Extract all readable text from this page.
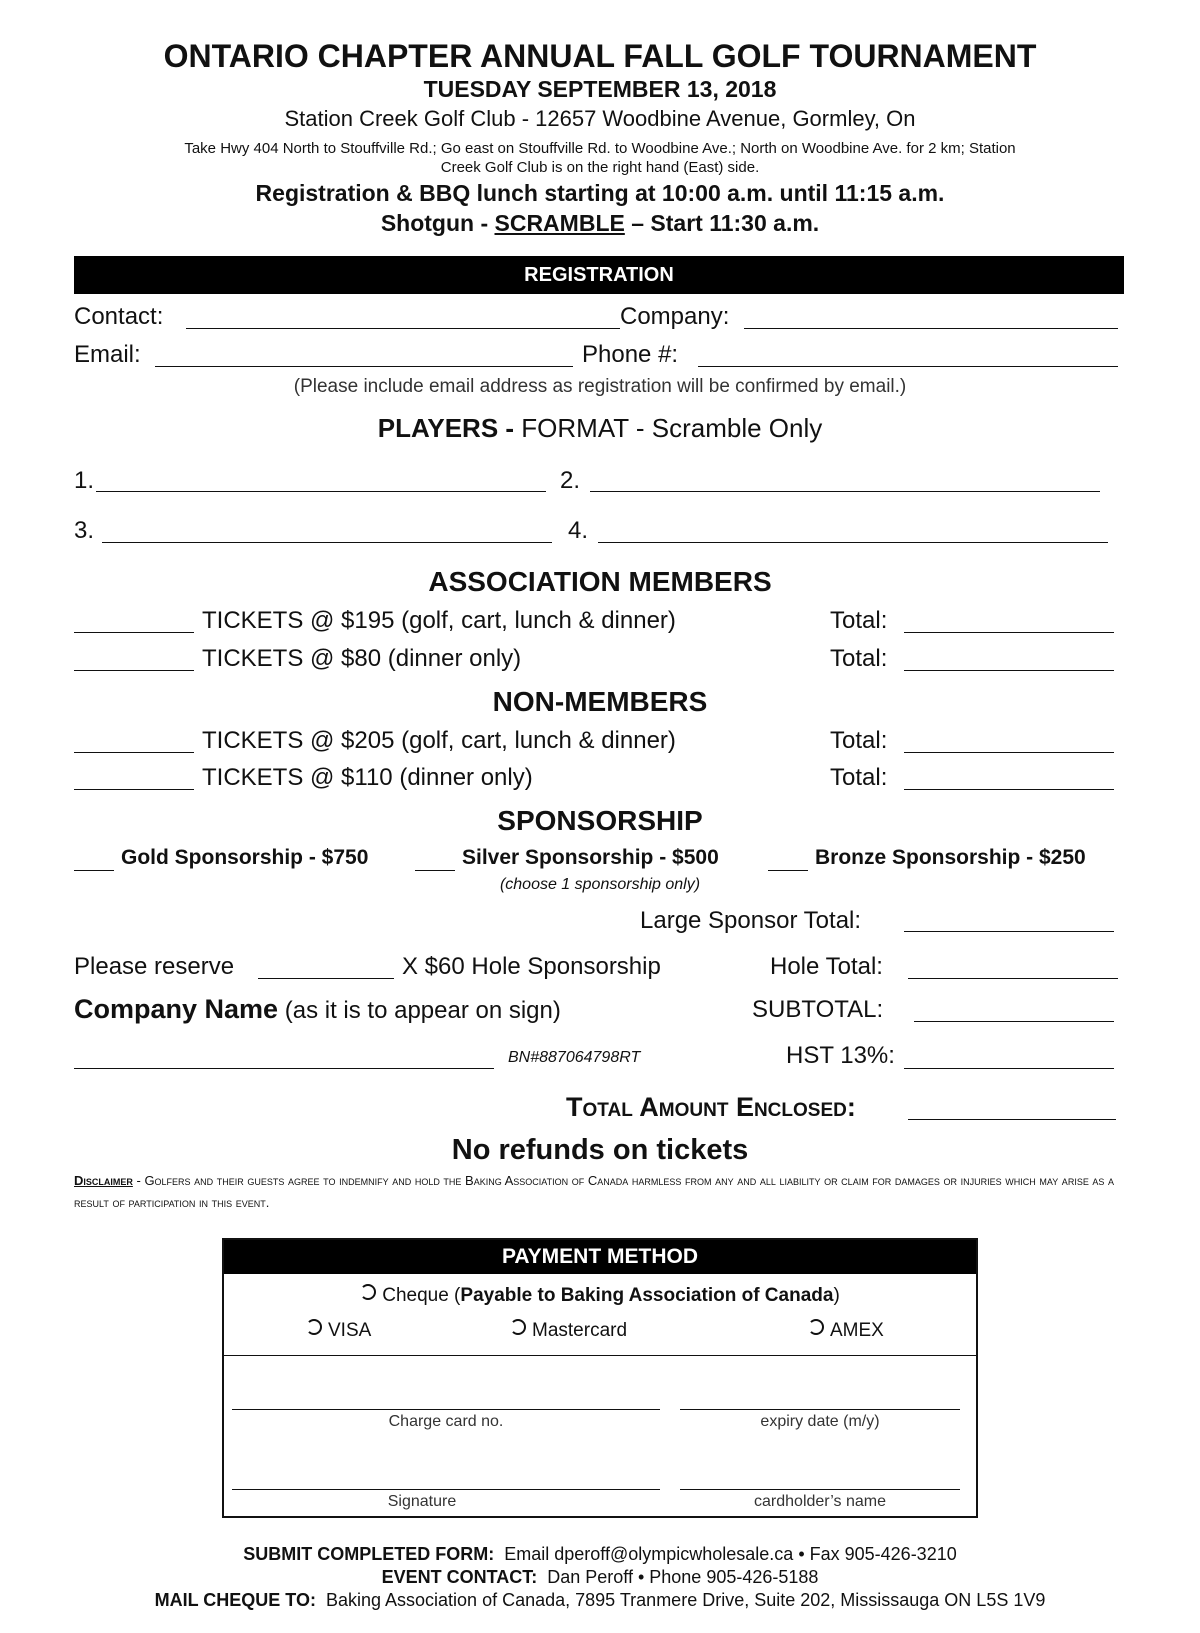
ONTARIO CHAPTER ANNUAL FALL GOLF TOURNAMENT
TUESDAY SEPTEMBER 13, 2018
Station Creek Golf Club - 12657 Woodbine Avenue, Gormley, On
Take Hwy 404 North to Stouffville Rd.; Go east on Stouffville Rd. to Woodbine Ave.; North on Woodbine Ave. for 2 km; Station
Creek Golf Club is on the right hand (East) side.
Registration & BBQ lunch starting at 10:00 a.m. until 11:15 a.m.
Shotgun - SCRAMBLE – Start 11:30 a.m.
REGISTRATION
Contact:	Company:
Email:	Phone #:
(Please include email address as registration will be confirmed by email.)
PLAYERS - FORMAT - Scramble Only
1.	2.
3.	4.
ASSOCIATION MEMBERS
TICKETS @ $195 (golf, cart, lunch & dinner)	Total:
TICKETS @ $80 (dinner only)	Total:
NON-MEMBERS
TICKETS @ $205 (golf, cart, lunch & dinner)	Total:
TICKETS @ $110 (dinner only)	Total:
SPONSORSHIP
Gold Sponsorship - $750	Silver Sponsorship - $500	Bronze Sponsorship - $250
(choose 1 sponsorship only)
Large Sponsor Total:
Please reserve	X $60 Hole Sponsorship	Hole Total:
Company Name (as it is to appear on sign)	SUBTOTAL:
BN#887064798RT	HST 13%:
Total Amount Enclosed:
No refunds on tickets
Disclaimer - Golfers and their guests agree to indemnify and hold the Baking Association of Canada harmless from any and all liability or claim for damages or injuries which may arise as a result of participation in this event.
PAYMENT METHOD
Cheque (Payable to Baking Association of Canada)
VISA	Mastercard	AMEX
Charge card no.	expiry date (m/y)
Signature	cardholder’s name
SUBMIT COMPLETED FORM: Email dperoff@olympicwholesale.ca • Fax 905-426-3210
EVENT CONTACT: Dan Peroff • Phone 905-426-5188
MAIL CHEQUE TO: Baking Association of Canada, 7895 Tranmere Drive, Suite 202, Mississauga ON L5S 1V9
